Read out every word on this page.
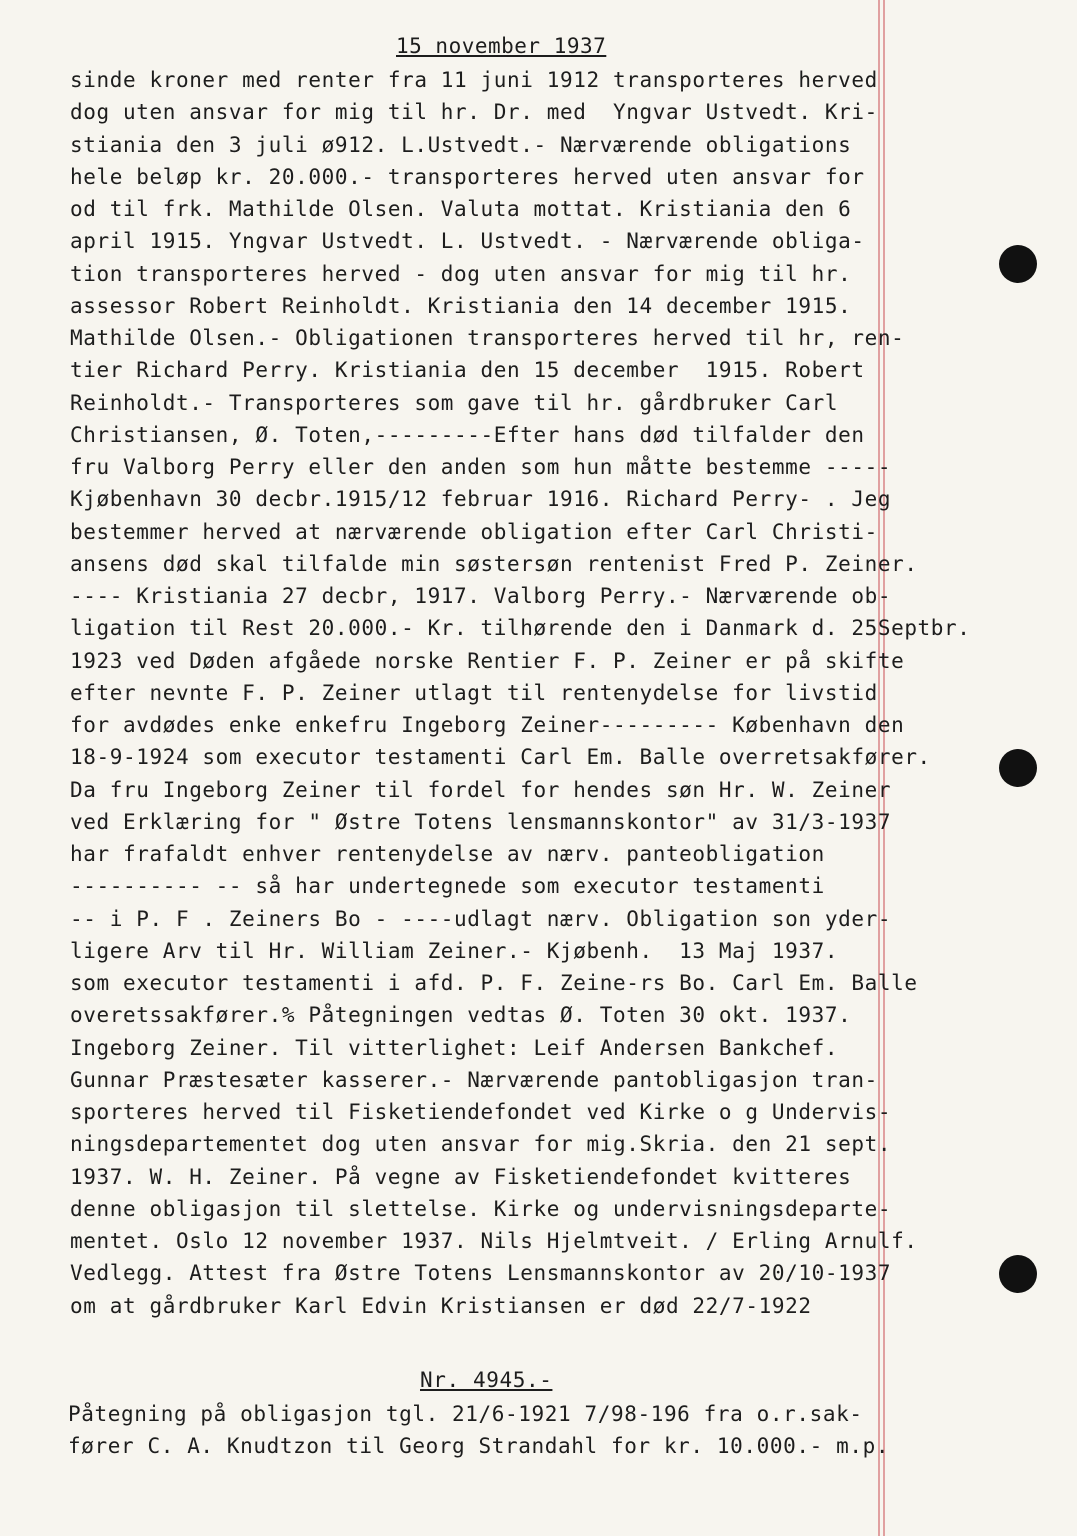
15 november 1937
sinde kroner med renter fra 11 juni 1912 transporteres herved
dog uten ansvar for mig til hr. Dr. med  Yngvar Ustvedt. Kri-
stiania den 3 juli ø912. L.Ustvedt.- Nærværende obligations
hele beløp kr. 20.000.- transporteres herved uten ansvar for
od til frk. Mathilde Olsen. Valuta mottat. Kristiania den 6
april 1915. Yngvar Ustvedt. L. Ustvedt. - Nærværende obliga-
tion transporteres herved - dog uten ansvar for mig til hr.
assessor Robert Reinholdt. Kristiania den 14 december 1915.
Mathilde Olsen.- Obligationen transporteres herved til hr, ren-
tier Richard Perry. Kristiania den 15 december  1915. Robert
Reinholdt.- Transporteres som gave til hr. gårdbruker Carl
Christiansen, Ø. Toten,---------Efter hans død tilfalder den
fru Valborg Perry eller den anden som hun måtte bestemme -----
Kjøbenhavn 30 decbr.1915/12 februar 1916. Richard Perry- . Jeg
bestemmer herved at nærværende obligation efter Carl Christi-
ansens død skal tilfalde min søstersøn rentenist Fred P. Zeiner.
---- Kristiania 27 decbr, 1917. Valborg Perry.- Nærværende ob-
ligation til Rest 20.000.- Kr. tilhørende den i Danmark d. 25Septbr.
1923 ved Døden afgåede norske Rentier F. P. Zeiner er på skifte
efter nevnte F. P. Zeiner utlagt til rentenydelse for livstid
for avdødes enke enkefru Ingeborg Zeiner--------- København den
18-9-1924 som executor testamenti Carl Em. Balle overretsakfører.
Da fru Ingeborg Zeiner til fordel for hendes søn Hr. W. Zeiner
ved Erklæring for " Østre Totens lensmannskontor" av 31/3-1937
har frafaldt enhver rentenydelse av nærv. panteobligation
---------- -- så har undertegnede som executor testamenti
-- i P. F . Zeiners Bo - ----udlagt nærv. Obligation son yder-
ligere Arv til Hr. William Zeiner.- Kjøbenh.  13 Maj 1937.
som executor testamenti i afd. P. F. Zeine-rs Bo. Carl Em. Balle
overetssakfører.% Påtegningen vedtas Ø. Toten 30 okt. 1937.
Ingeborg Zeiner. Til vitterlighet: Leif Andersen Bankchef.
Gunnar Præstesæter kasserer.- Nærværende pantobligasjon tran-
sporteres herved til Fisketiendefondet ved Kirke o g Undervis-
ningsdepartementet dog uten ansvar for mig.Skria. den 21 sept.
1937. W. H. Zeiner. På vegne av Fisketiendefondet kvitteres
denne obligasjon til slettelse. Kirke og undervisningsdeparte-
mentet. Oslo 12 november 1937. Nils Hjelmtveit. / Erling Arnulf.
Vedlegg. Attest fra Østre Totens Lensmannskontor av 20/10-1937
om at gårdbruker Karl Edvin Kristiansen er død 22/7-1922
Nr. 4945.-
Påtegning på obligasjon tgl. 21/6-1921 7/98-196 fra o.r.sak-
fører C. A. Knudtzon til Georg Strandahl for kr. 10.000.- m.p.
